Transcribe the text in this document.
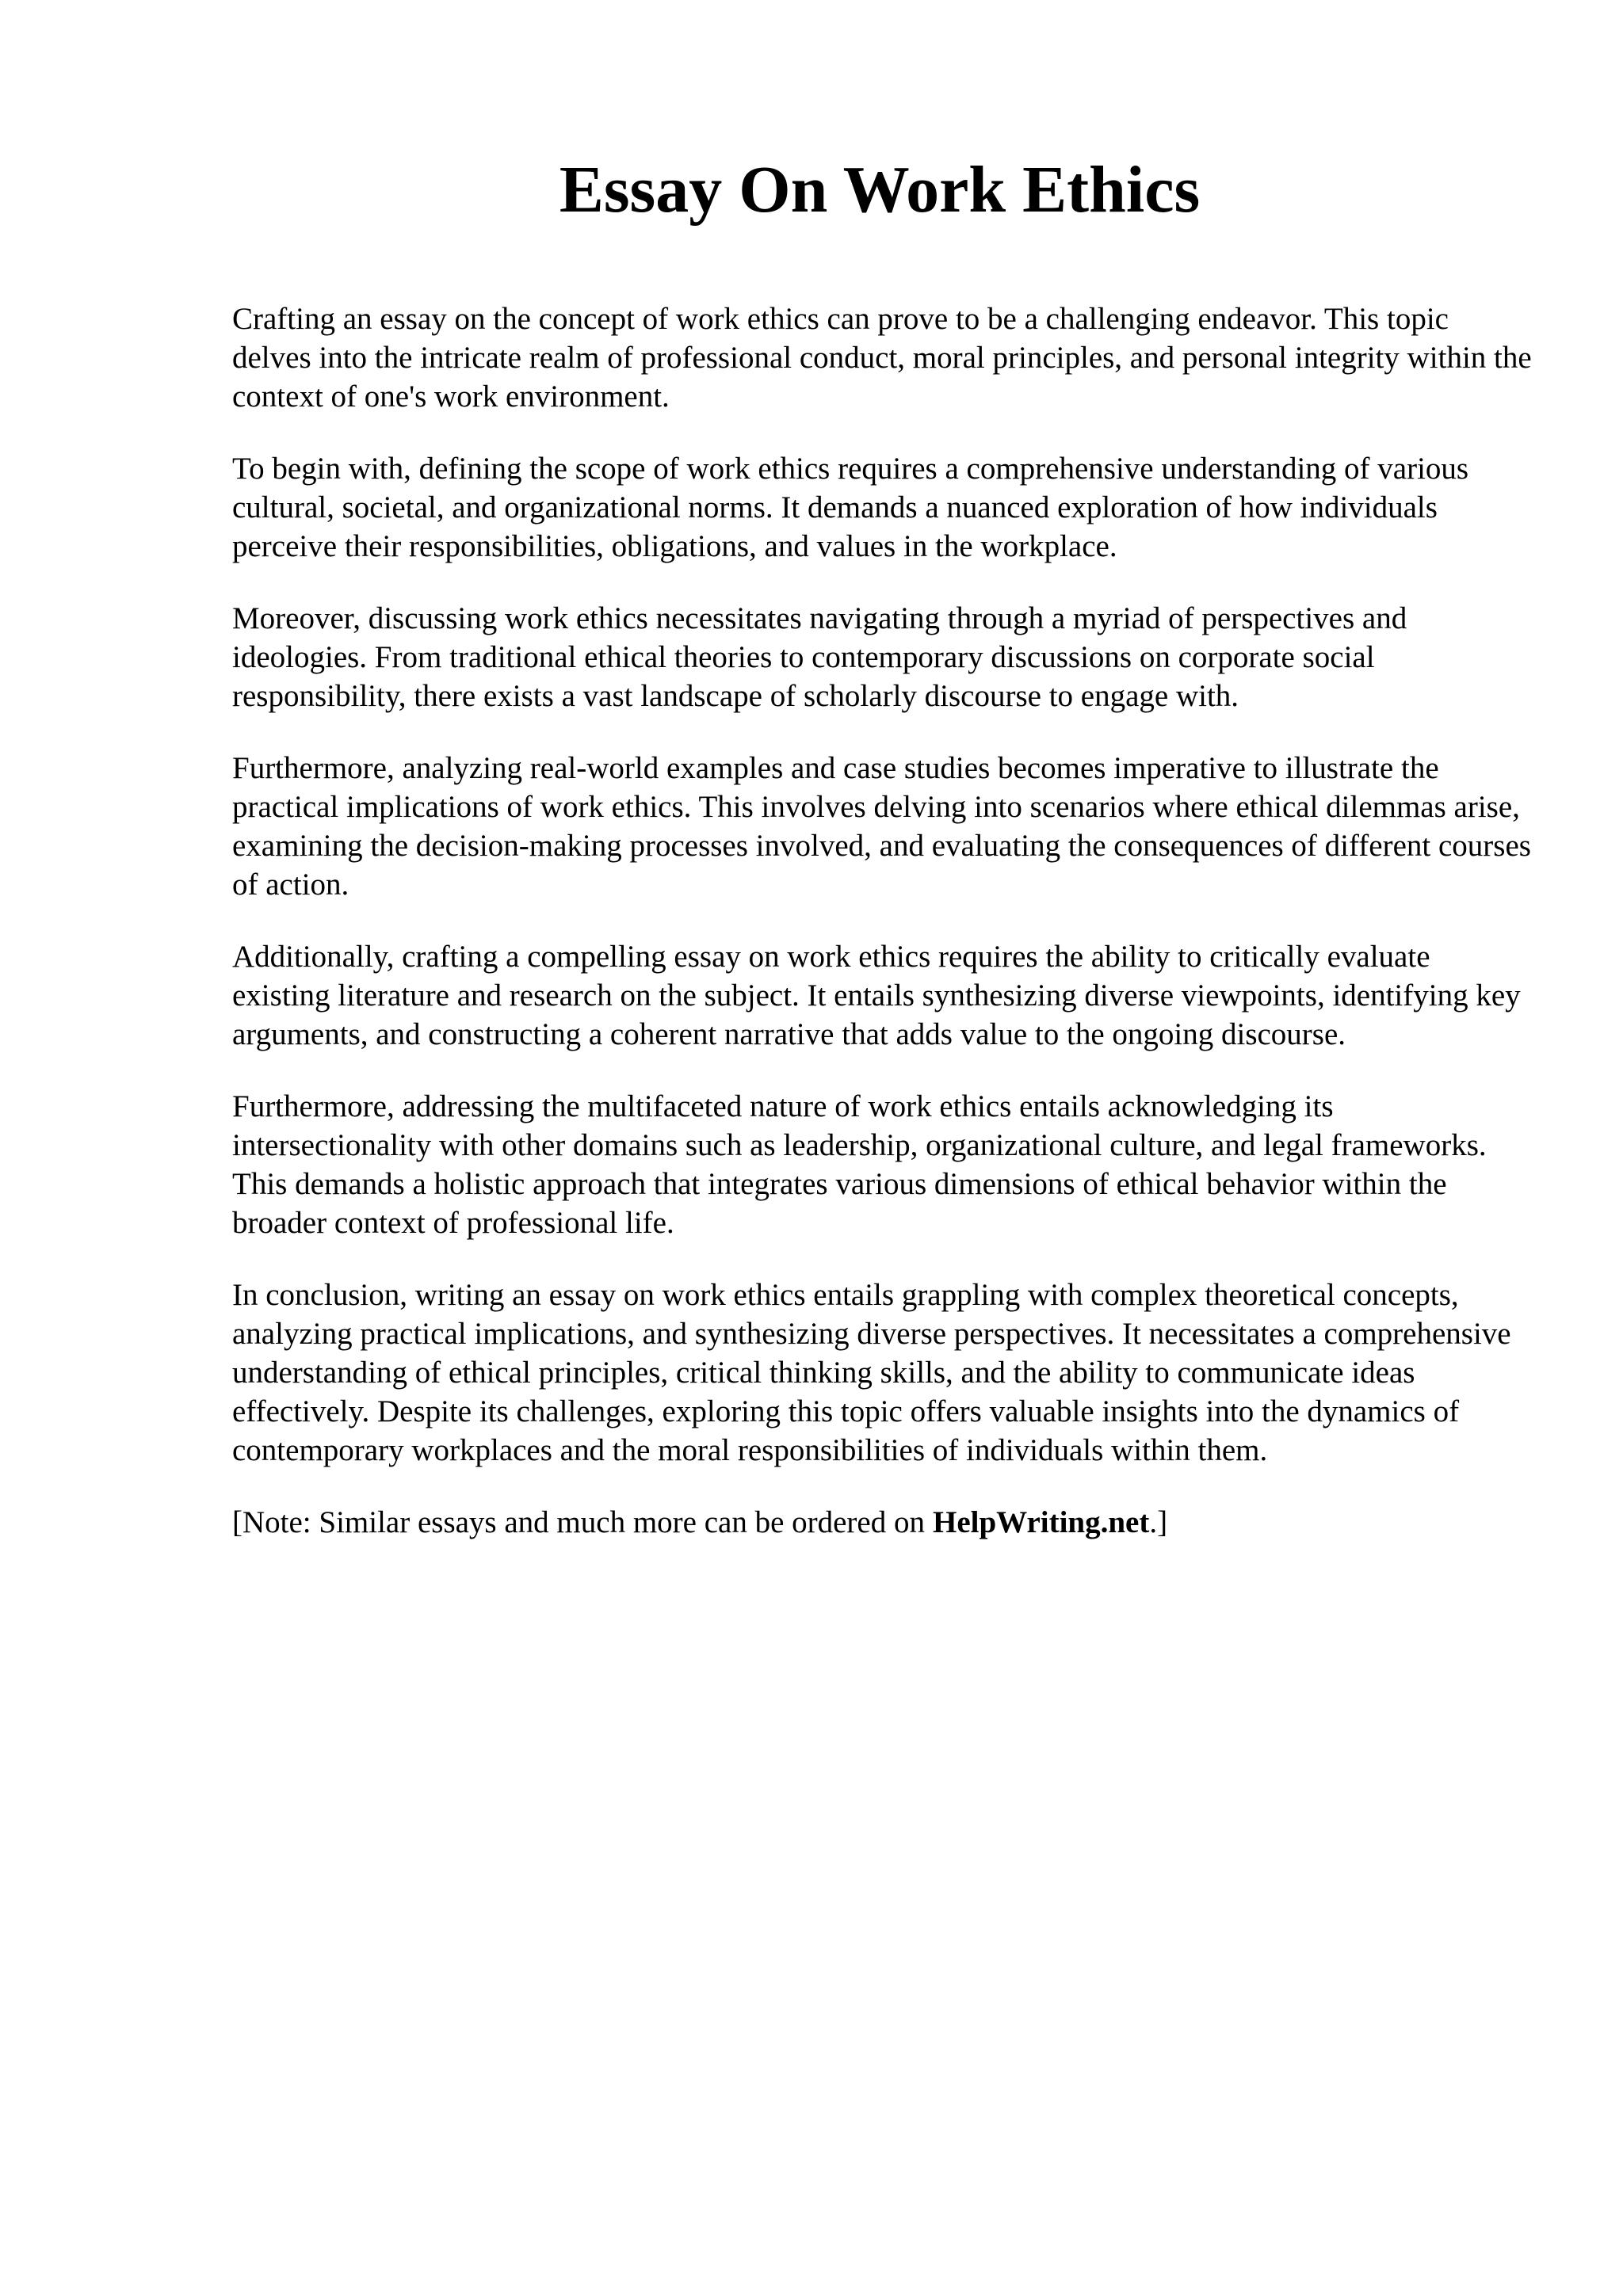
Essay On Work Ethics

Crafting an essay on the concept of work ethics can prove to be a challenging endeavor. This topic delves into the intricate realm of professional conduct, moral principles, and personal integrity within the context of one's work environment.

To begin with, defining the scope of work ethics requires a comprehensive understanding of various cultural, societal, and organizational norms. It demands a nuanced exploration of how individuals perceive their responsibilities, obligations, and values in the workplace.

Moreover, discussing work ethics necessitates navigating through a myriad of perspectives and ideologies. From traditional ethical theories to contemporary discussions on corporate social responsibility, there exists a vast landscape of scholarly discourse to engage with.

Furthermore, analyzing real-world examples and case studies becomes imperative to illustrate the practical implications of work ethics. This involves delving into scenarios where ethical dilemmas arise, examining the decision-making processes involved, and evaluating the consequences of different courses of action.

Additionally, crafting a compelling essay on work ethics requires the ability to critically evaluate existing literature and research on the subject. It entails synthesizing diverse viewpoints, identifying key arguments, and constructing a coherent narrative that adds value to the ongoing discourse.

Furthermore, addressing the multifaceted nature of work ethics entails acknowledging its intersectionality with other domains such as leadership, organizational culture, and legal frameworks. This demands a holistic approach that integrates various dimensions of ethical behavior within the broader context of professional life.

In conclusion, writing an essay on work ethics entails grappling with complex theoretical concepts, analyzing practical implications, and synthesizing diverse perspectives. It necessitates a comprehensive understanding of ethical principles, critical thinking skills, and the ability to communicate ideas effectively. Despite its challenges, exploring this topic offers valuable insights into the dynamics of contemporary workplaces and the moral responsibilities of individuals within them.

[Note: Similar essays and much more can be ordered on HelpWriting.net.]
